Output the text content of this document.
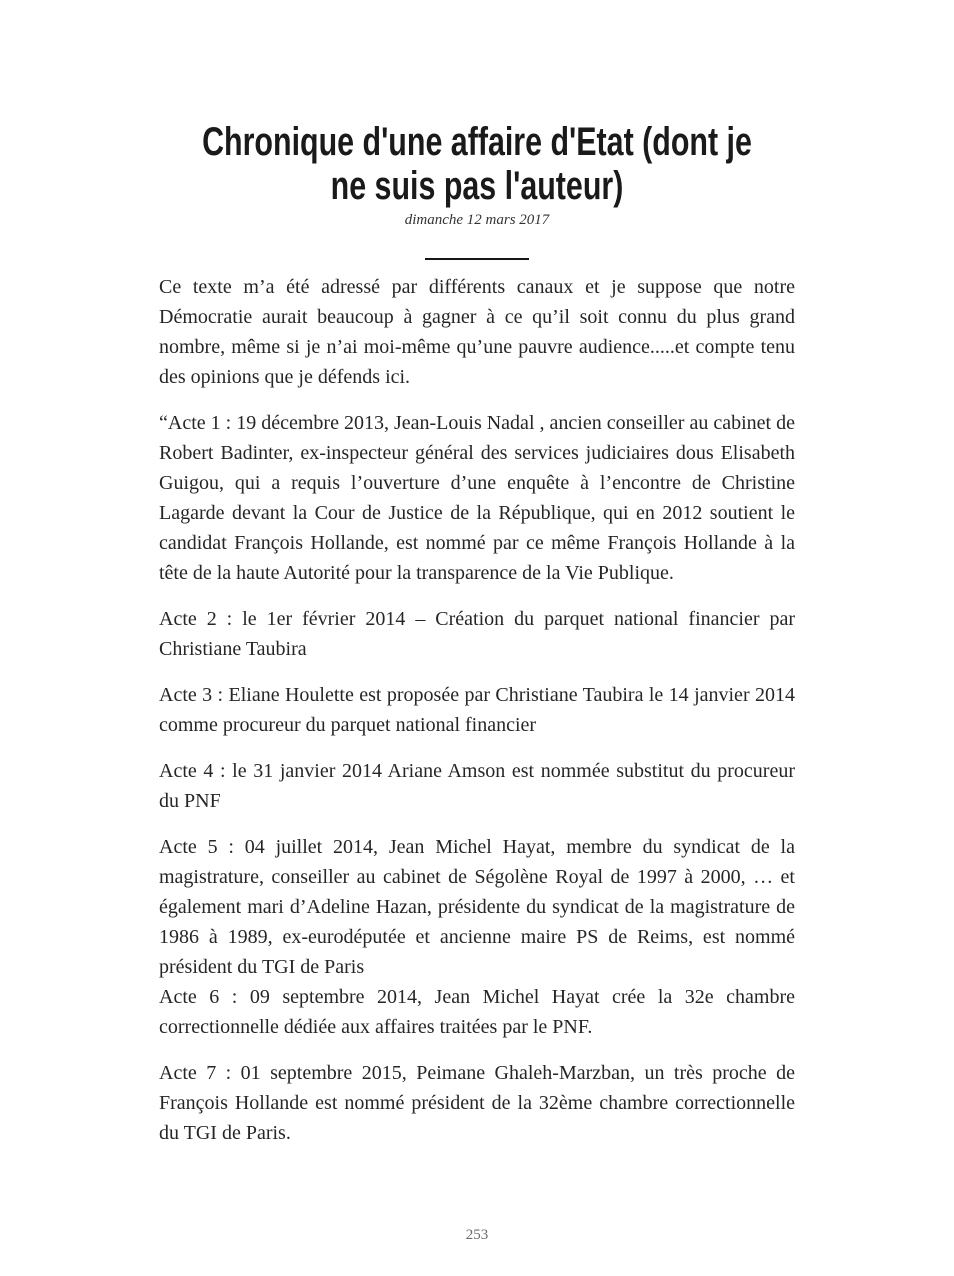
Chronique d'une affaire d'Etat (dont je
ne suis pas l'auteur)
dimanche 12 mars 2017

Ce texte m’a été adressé par différents canaux et je suppose que notre Démocratie aurait beaucoup à gagner à ce qu’il soit connu du plus grand nombre, même si je n’ai moi-même qu’une pauvre audience.....et compte tenu des opinions que je défends ici.

“Acte 1 : 19 décembre 2013, Jean-Louis Nadal , ancien conseiller au cabinet de Robert Badinter, ex-inspecteur général des services judiciaires dous Elisabeth Guigou, qui a requis l’ouverture d’une enquête à l’encontre de Christine Lagarde devant la Cour de Justice de la République, qui en 2012 soutient le candidat François Hollande, est nommé par ce même François Hollande à la tête de la haute Autorité pour la transparence de la Vie Publique.

Acte 2 : le 1er février 2014 – Création du parquet national financier par Christiane Taubira

Acte 3 : Eliane Houlette est proposée par Christiane Taubira le 14 janvier 2014 comme procureur du parquet national financier

Acte 4 : le 31 janvier 2014 Ariane Amson est nommée substitut du procureur du PNF

Acte 5 : 04 juillet 2014, Jean Michel Hayat, membre du syndicat de la magistrature, conseiller au cabinet de Ségolène Royal de 1997 à 2000, … et également mari d’Adeline Hazan, présidente du syndicat de la magistrature de 1986 à 1989, ex-eurodéputée et ancienne maire PS de Reims, est nommé président du TGI de Paris

Acte 6 : 09 septembre 2014, Jean Michel Hayat crée la 32e chambre correctionnelle dédiée aux affaires traitées par le PNF.

Acte 7 : 01 septembre 2015, Peimane Ghaleh-Marzban, un très proche de François Hollande est nommé président de la 32ème chambre correctionnelle du TGI de Paris.

253
